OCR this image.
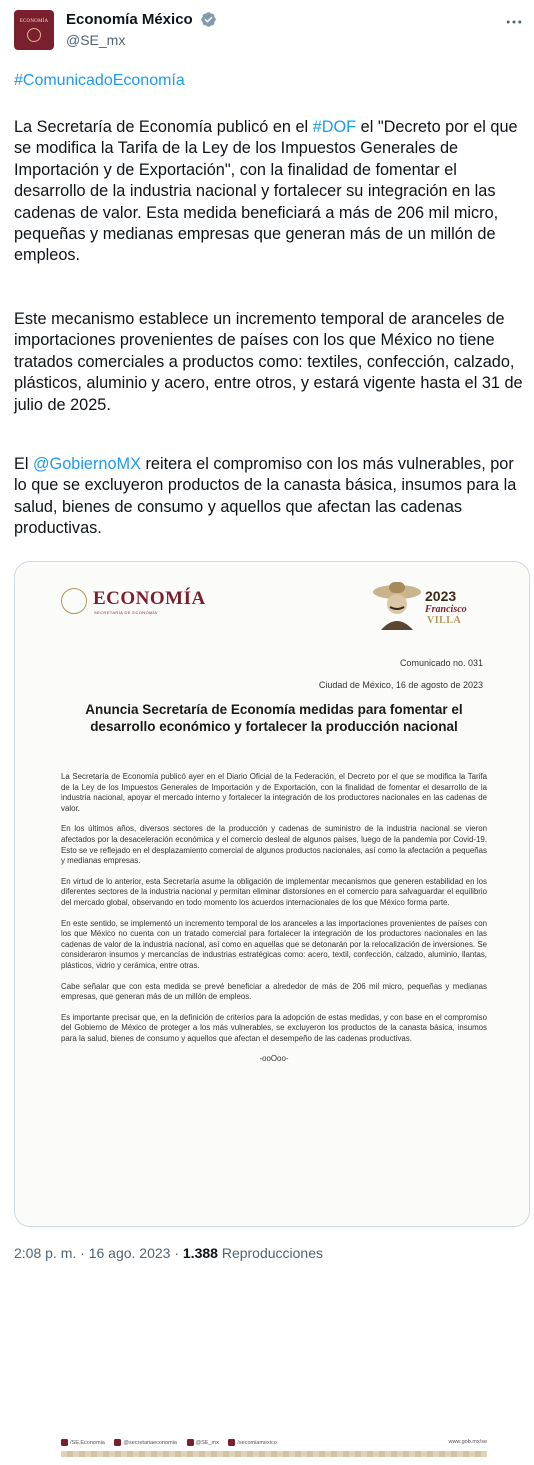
ECONOMÍA Economía México
@SE_mx
#ComunicadoEconomía
La Secretaría de Economía publicó en el #DOF el "Decreto por el que se modifica la Tarifa de la Ley de los Impuestos Generales de Importación y de Exportación", con la finalidad de fomentar el desarrollo de la industria nacional y fortalecer su integración en las cadenas de valor. Esta medida beneficiará a más de 206 mil micro, pequeñas y medianas empresas que generan más de un millón de empleos.
Este mecanismo establece un incremento temporal de aranceles de importaciones provenientes de países con los que México no tiene tratados comerciales a productos como: textiles, confección, calzado, plásticos, aluminio y acero, entre otros, y estará vigente hasta el 31 de julio de 2025.
El @GobiernoMX reitera el compromiso con los más vulnerables, por lo que se excluyeron productos de la canasta básica, insumos para la salud, bienes de consumo y aquellos que afectan las cadenas productivas.
ECONOMÍA
SECRETARÍA DE ECONOMÍA
2023
Francisco
VILLA
Comunicado no. 031
Ciudad de México, 16 de agosto de 2023
Anuncia Secretaría de Economía medidas para fomentar el desarrollo económico y fortalecer la producción nacional

La Secretaría de Economía publicó ayer en el Diario Oficial de la Federación, el Decreto por el que se modifica la Tarifa de la Ley de los Impuestos Generales de Importación y de Exportación, con la finalidad de fomentar el desarrollo de la industria nacional, apoyar el mercado interno y fortalecer la integración de los productores nacionales en las cadenas de valor.

En los últimos años, diversos sectores de la producción y cadenas de suministro de la industria nacional se vieron afectados por la desaceleración económica y el comercio desleal de algunos países, luego de la pandemia por Covid-19. Esto se ve reflejado en el desplazamiento comercial de algunos productos nacionales, así como la afectación a pequeñas y medianas empresas.

En virtud de lo anterior, esta Secretaría asume la obligación de implementar mecanismos que generen estabilidad en los diferentes sectores de la industria nacional y permitan eliminar distorsiones en el comercio para salvaguardar el equilibrio del mercado global, observando en todo momento los acuerdos internacionales de los que México forma parte.

En este sentido, se implementó un incremento temporal de los aranceles a las importaciones provenientes de países con los que México no cuenta con un tratado comercial para fortalecer la integración de los productores nacionales en las cadenas de valor de la industria nacional, así como en aquellas que se detonarán por la relocalización de inversiones. Se consideraron insumos y mercancías de industrias estratégicas como: acero, textil, confección, calzado, aluminio, llantas, plásticos, vidrio y cerámica, entre otras.

Cabe señalar que con esta medida se prevé beneficiar a alrededor de más de 206 mil micro, pequeñas y medianas empresas, que generan más de un millón de empleos.

Es importante precisar que, en la definición de criterios para la adopción de estas medidas, y con base en el compromiso del Gobierno de México de proteger a los más vulnerables, se excluyeron los productos de la canasta básica, insumos para la salud, bienes de consumo y aquellos que afectan el desempeño de las cadenas productivas.

-ooOoo-
/SE.Economia	@secretariaeconomia	@SE_mx	/secomiamexico	www.gob.mx/se
2:08 p. m. · 16 ago. 2023 · 1.388 Reproducciones
